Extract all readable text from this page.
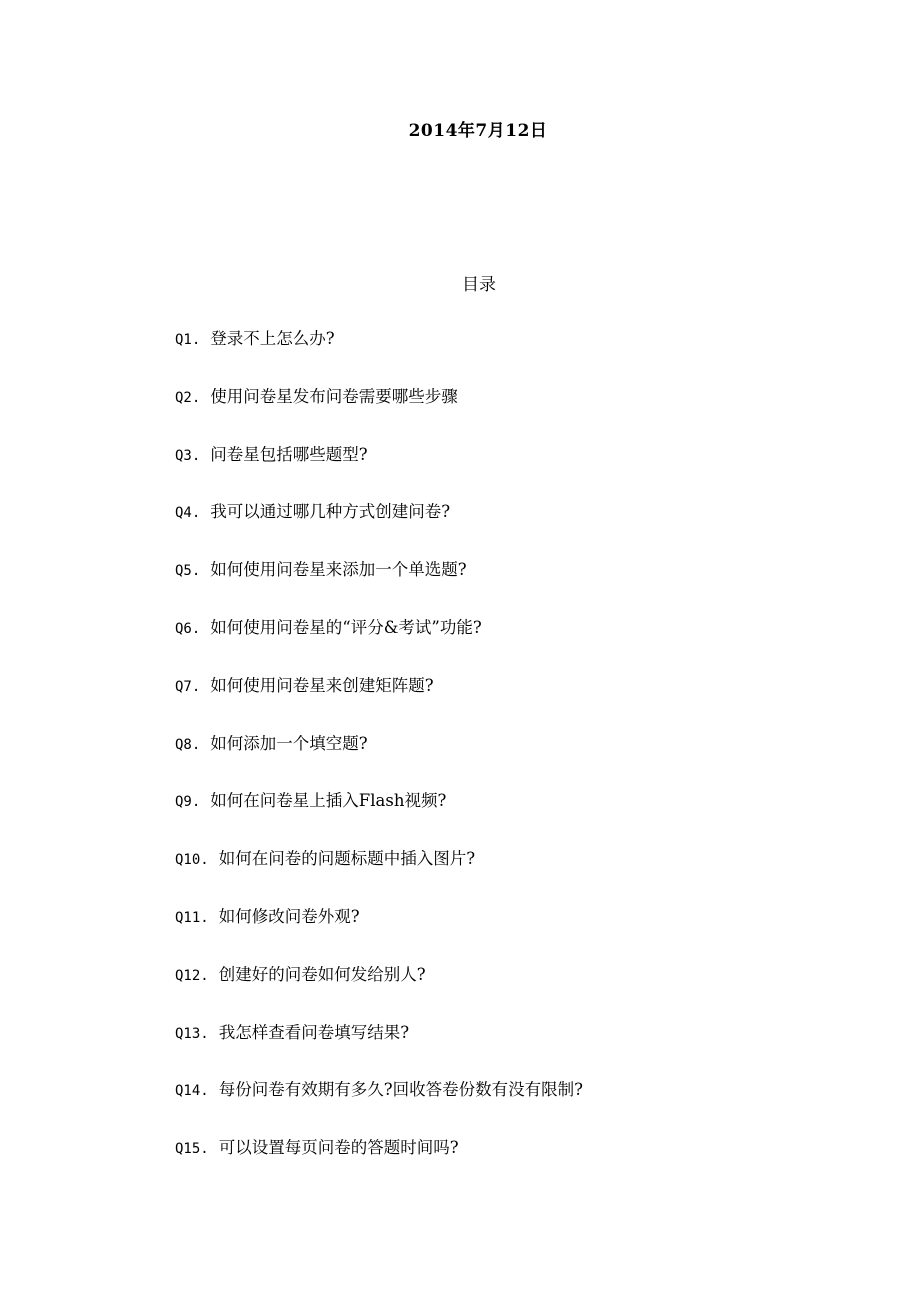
2014年7月12日
目录
Q1. 登录不上怎么办?
Q2. 使用问卷星发布问卷需要哪些步骤
Q3. 问卷星包括哪些题型?
Q4. 我可以通过哪几种方式创建问卷?
Q5. 如何使用问卷星来添加一个单选题?
Q6. 如何使用问卷星的“评分&考试”功能?
Q7. 如何使用问卷星来创建矩阵题?
Q8. 如何添加一个填空题?
Q9. 如何在问卷星上插入Flash视频?
Q10. 如何在问卷的问题标题中插入图片?
Q11. 如何修改问卷外观?
Q12. 创建好的问卷如何发给别人?
Q13. 我怎样查看问卷填写结果?
Q14. 每份问卷有效期有多久?回收答卷份数有没有限制?
Q15. 可以设置每页问卷的答题时间吗?
